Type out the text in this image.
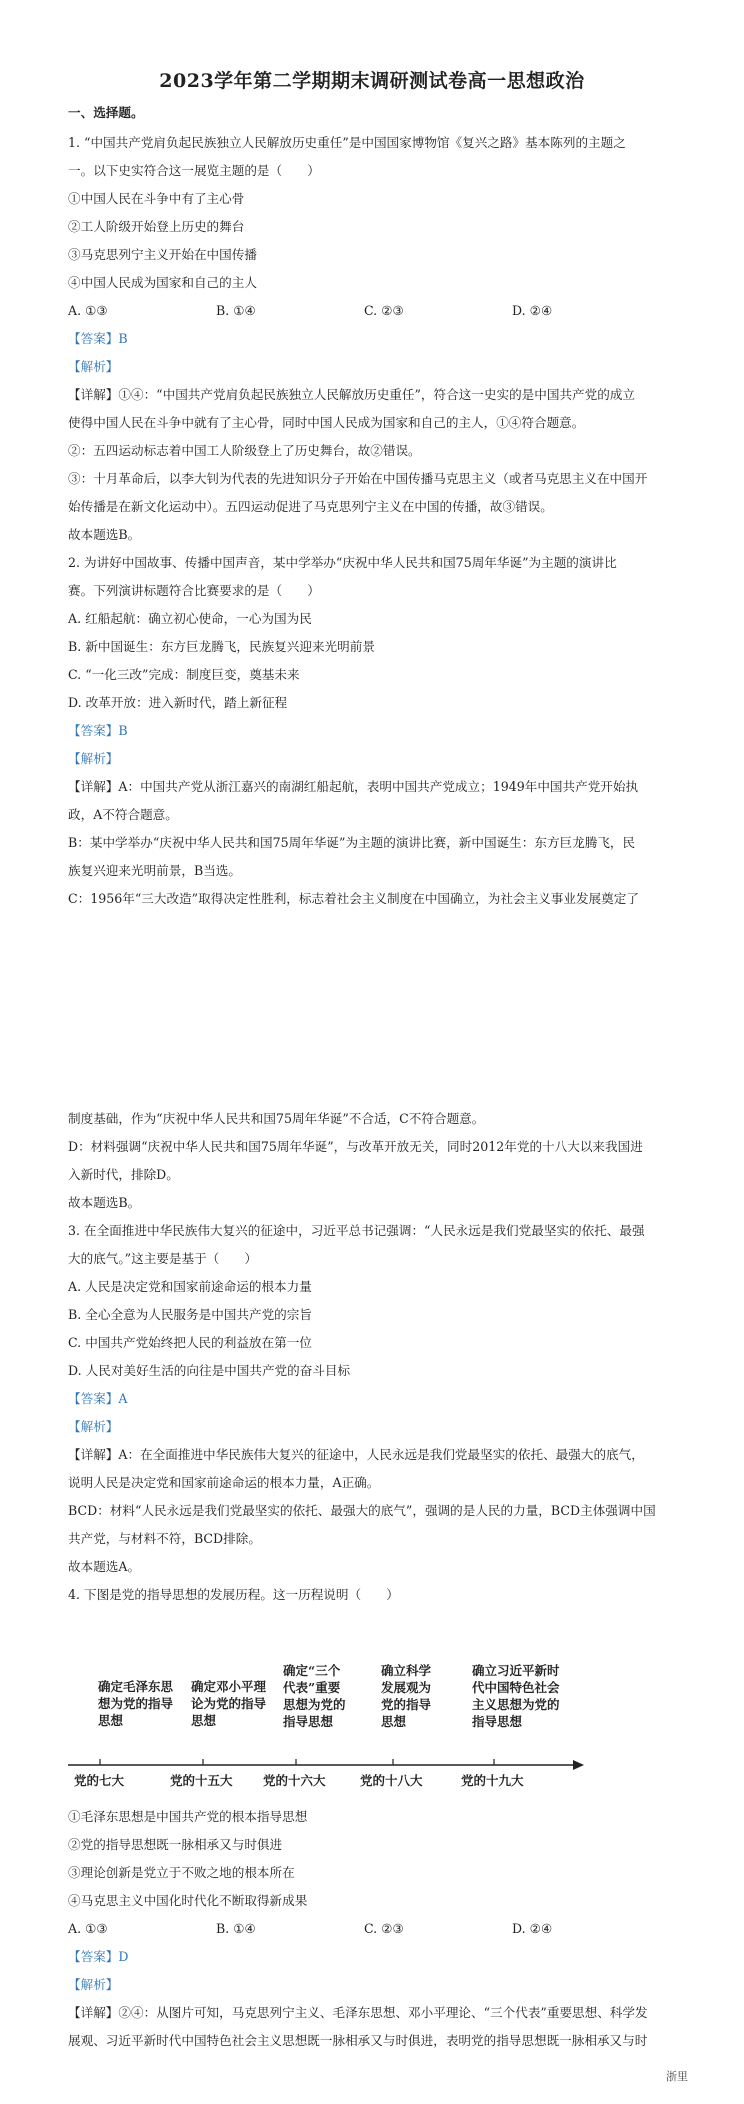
2023学年第二学期期末调研测试卷高一思想政治
一、选择题。
1. “中国共产党肩负起民族独立人民解放历史重任”是中国国家博物馆《复兴之路》基本陈列的主题之
一。以下史实符合这一展览主题的是（　　）
①中国人民在斗争中有了主心骨
②工人阶级开始登上历史的舞台
③马克思列宁主义开始在中国传播
④中国人民成为国家和自己的主人
A. ①③	B. ①④	C. ②③	D. ②④
【答案】B
【解析】
【详解】①④：“中国共产党肩负起民族独立人民解放历史重任”，符合这一史实的是中国共产党的成立
使得中国人民在斗争中就有了主心骨，同时中国人民成为国家和自己的主人，①④符合题意。
②：五四运动标志着中国工人阶级登上了历史舞台，故②错误。
③：十月革命后，以李大钊为代表的先进知识分子开始在中国传播马克思主义（或者马克思主义在中国开
始传播是在新文化运动中）。五四运动促进了马克思列宁主义在中国的传播，故③错误。
故本题选B。
2. 为讲好中国故事、传播中国声音，某中学举办“庆祝中华人民共和国75周年华诞”为主题的演讲比
赛。下列演讲标题符合比赛要求的是（　　）
A. 红船起航：确立初心使命，一心为国为民
B. 新中国诞生：东方巨龙腾飞，民族复兴迎来光明前景
C. “一化三改”完成：制度巨变，奠基未来
D. 改革开放：进入新时代，踏上新征程
【答案】B
【解析】
【详解】A：中国共产党从浙江嘉兴的南湖红船起航，表明中国共产党成立；1949年中国共产党开始执
政，A不符合题意。
B：某中学举办“庆祝中华人民共和国75周年华诞”为主题的演讲比赛，新中国诞生：东方巨龙腾飞，民
族复兴迎来光明前景，B当选。
C：1956年“三大改造”取得决定性胜利，标志着社会主义制度在中国确立，为社会主义事业发展奠定了
制度基础，作为“庆祝中华人民共和国75周年华诞”不合适，C不符合题意。
D：材料强调“庆祝中华人民共和国75周年华诞”，与改革开放无关，同时2012年党的十八大以来我国进
入新时代，排除D。
故本题选B。
3. 在全面推进中华民族伟大复兴的征途中，习近平总书记强调：“人民永远是我们党最坚实的依托、最强
大的底气。”这主要是基于（　　）
A. 人民是决定党和国家前途命运的根本力量
B. 全心全意为人民服务是中国共产党的宗旨
C. 中国共产党始终把人民的利益放在第一位
D. 人民对美好生活的向往是中国共产党的奋斗目标
【答案】A
【解析】
【详解】A：在全面推进中华民族伟大复兴的征途中，人民永远是我们党最坚实的依托、最强大的底气，
说明人民是决定党和国家前途命运的根本力量，A正确。
BCD：材料“人民永远是我们党最坚实的依托、最强大的底气”，强调的是人民的力量，BCD主体强调中国
共产党，与材料不符，BCD排除。
故本题选A。
4. 下图是党的指导思想的发展历程。这一历程说明（　　）
确定毛泽东思
想为党的指导
思想
确定邓小平理
论为党的指导
思想
确定“三个
代表”重要
思想为党的
指导思想
确立科学
发展观为
党的指导
思想
确立习近平新时
代中国特色社会
主义思想为党的
指导思想
党的七大	党的十五大 党的十六大	党的十八大	党的十九大
①毛泽东思想是中国共产党的根本指导思想
②党的指导思想既一脉相承又与时俱进
③理论创新是党立于不败之地的根本所在
④马克思主义中国化时代化不断取得新成果
A. ①③	B. ①④	C. ②③	D. ②④
【答案】D
【解析】
【详解】②④：从图片可知，马克思列宁主义、毛泽东思想、邓小平理论、“三个代表”重要思想、科学发
展观、习近平新时代中国特色社会主义思想既一脉相承又与时俱进，表明党的指导思想既一脉相承又与时
浙里
